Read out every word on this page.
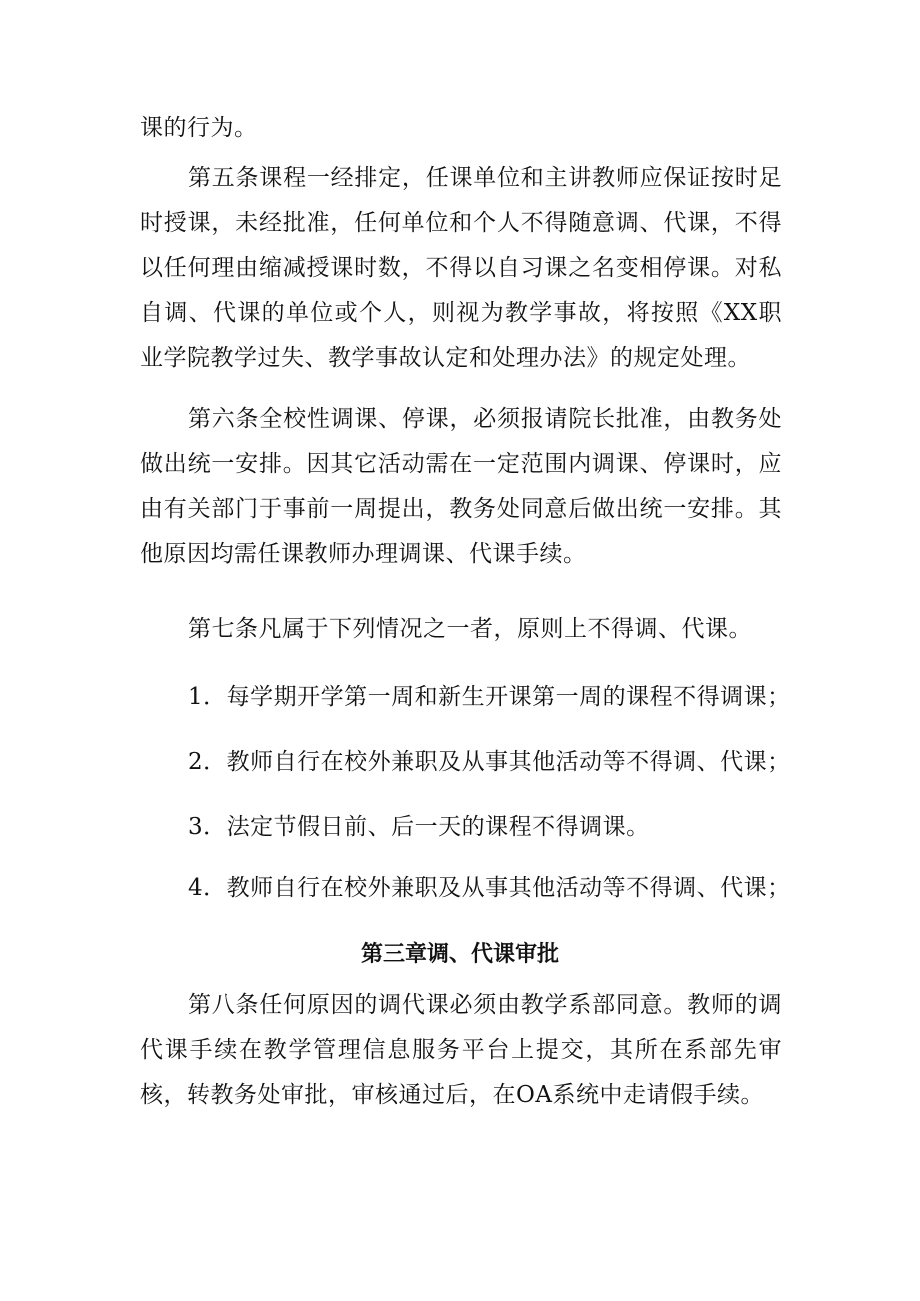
课的行为。

第五条课程一经排定，任课单位和主讲教师应保证按时足时授课，未经批准，任何单位和个人不得随意调、代课，不得以任何理由缩减授课时数，不得以自习课之名变相停课。对私自调、代课的单位或个人，则视为教学事故，将按照《XX职业学院教学过失、教学事故认定和处理办法》的规定处理。

第六条全校性调课、停课，必须报请院长批准，由教务处做出统一安排。因其它活动需在一定范围内调课、停课时，应由有关部门于事前一周提出，教务处同意后做出统一安排。其他原因均需任课教师办理调课、代课手续。

第七条凡属于下列情况之一者，原则上不得调、代课。

1．每学期开学第一周和新生开课第一周的课程不得调课；

2．教师自行在校外兼职及从事其他活动等不得调、代课；

3．法定节假日前、后一天的课程不得调课。

4．教师自行在校外兼职及从事其他活动等不得调、代课；

第三章调、代课审批

第八条任何原因的调代课必须由教学系部同意。教师的调代课手续在教学管理信息服务平台上提交，其所在系部先审核，转教务处审批，审核通过后，在OA系统中走请假手续。
